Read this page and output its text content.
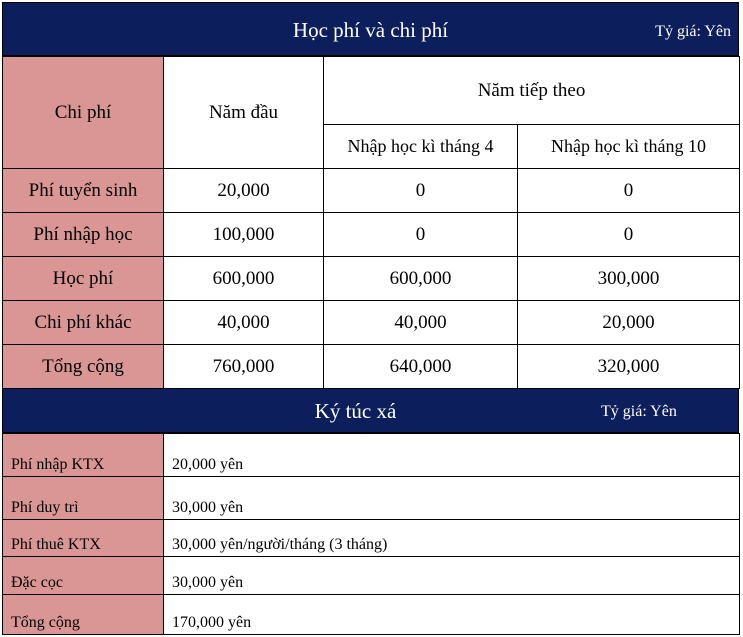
Học phí và chi phí	Tỷ giá: Yên
Chi phí	Năm đầu	Năm tiếp theo	
		Nhập học kì tháng 4	Nhập học kì tháng 10
Phí tuyển sinh	20,000	0	0
Phí nhập học	100,000	0	0
Học phí	600,000	600,000	300,000
Chi phí khác	40,000	40,000	20,000
Tổng cộng	760,000	640,000	320,000
Ký túc xá	Tỷ giá: Yên
Phí nhập KTX	20,000 yên
Phí duy trì	30,000 yên
Phí thuê KTX	30,000 yên/người/tháng (3 tháng)
Đặc cọc	30,000 yên
Tổng cộng	170,000 yên
